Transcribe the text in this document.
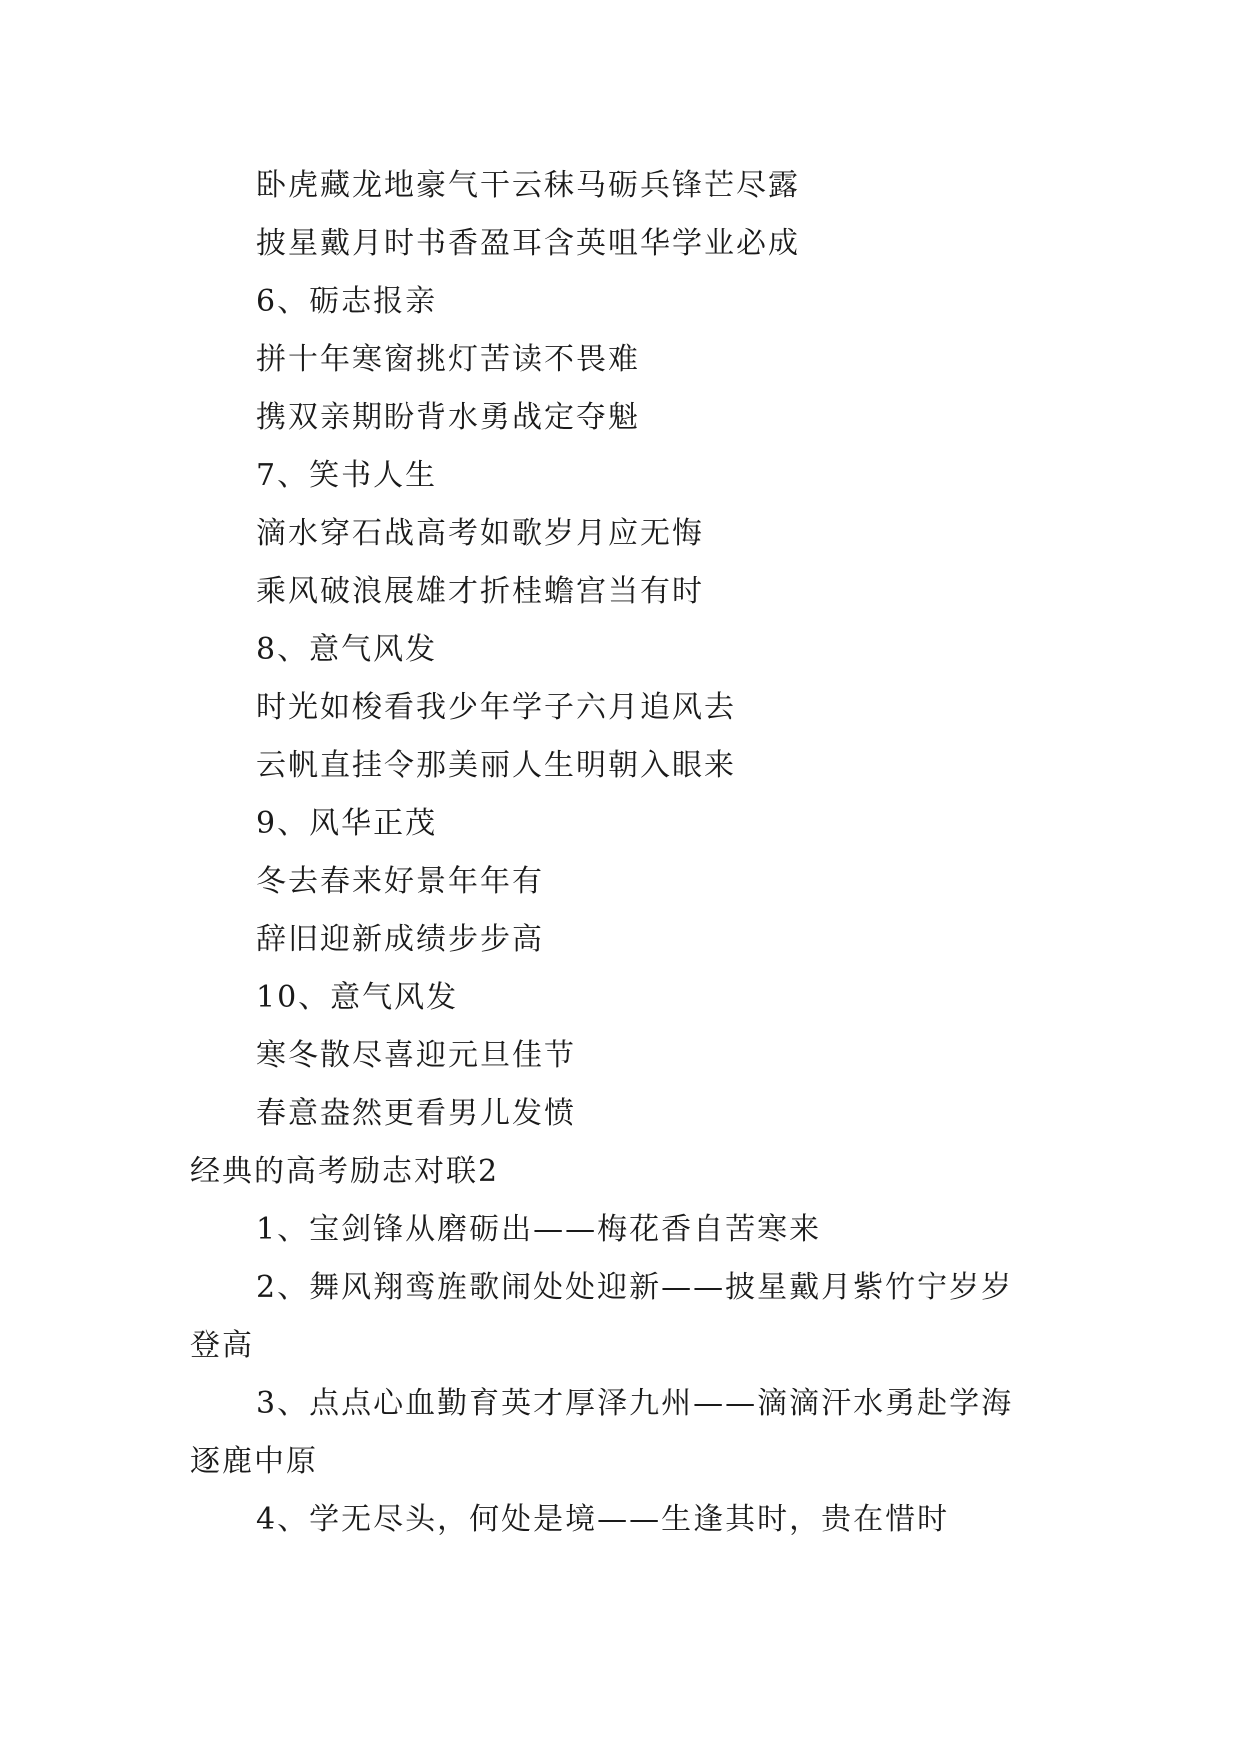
卧虎藏龙地豪气干云秣马砺兵锋芒尽露
披星戴月时书香盈耳含英咀华学业必成
6、砺志报亲
拼十年寒窗挑灯苦读不畏难
携双亲期盼背水勇战定夺魁
7、笑书人生
滴水穿石战高考如歌岁月应无悔
乘风破浪展雄才折桂蟾宫当有时
8、意气风发
时光如梭看我少年学子六月追风去
云帆直挂令那美丽人生明朝入眼来
9、风华正茂
冬去春来好景年年有
辞旧迎新成绩步步高
10、意气风发
寒冬散尽喜迎元旦佳节
春意盎然更看男儿发愤
经典的高考励志对联2
1、宝剑锋从磨砺出——梅花香自苦寒来
2、舞风翔鸾旌歌闹处处迎新——披星戴月紫竹宁岁岁
登高
3、点点心血勤育英才厚泽九州——滴滴汗水勇赴学海
逐鹿中原
4、学无尽头，何处是境——生逢其时，贵在惜时
